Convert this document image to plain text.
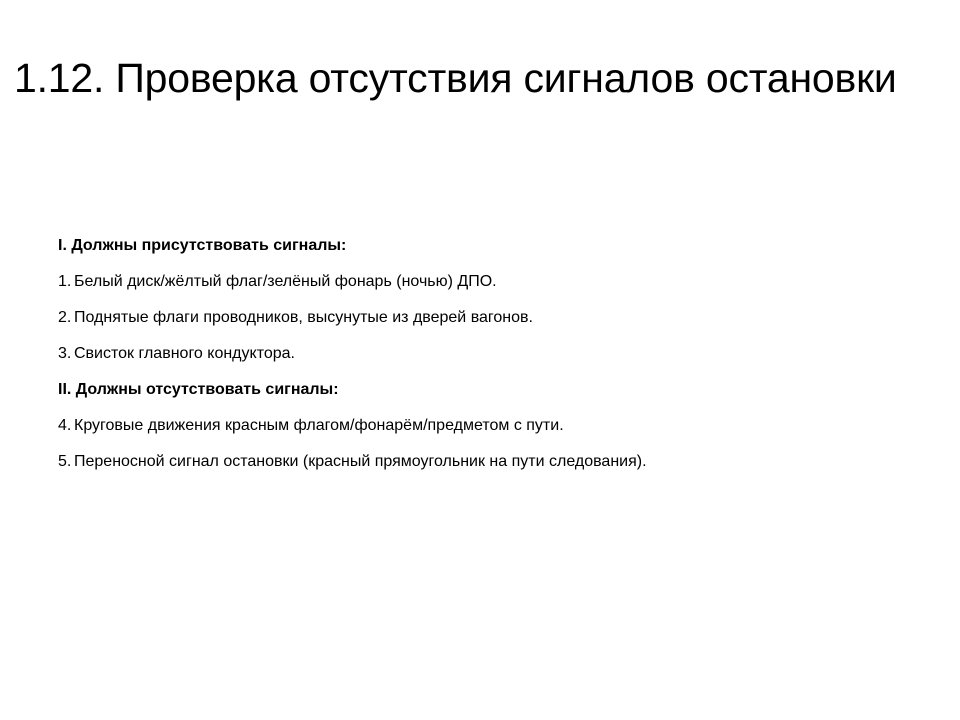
1.12. Проверка отсутствия сигналов остановки
I. Должны присутствовать сигналы:
1. Белый диск/жёлтый флаг/зелёный фонарь (ночью) ДПО.
2. Поднятые флаги проводников, высунутые из дверей вагонов.
3. Свисток главного кондуктора.
II. Должны отсутствовать сигналы:
4. Круговые движения красным флагом/фонарём/предметом с пути.
5. Переносной сигнал остановки (красный прямоугольник на пути следования).
